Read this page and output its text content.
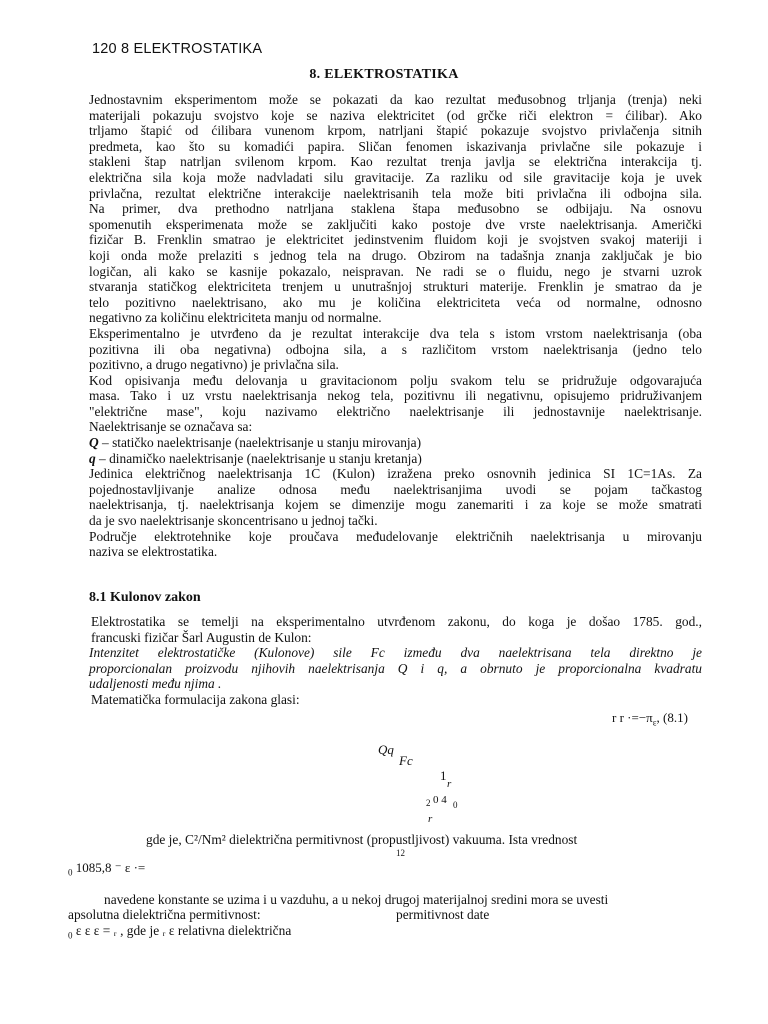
120 8 ELEKTROSTATIKA
8. ELEKTROSTATIKA

Jednostavnim eksperimentom može se pokazati da kao rezultat međusobnog trljanja (trenja) neki

materijali pokazuju svojstvo koje se naziva elektricitet (od grčke riči elektron = ćilibar). Ako

trljamo štapić od ćilibara vunenom krpom, natrljani štapić pokazuje svojstvo privlačenja sitnih

predmeta, kao što su komadići papira. Sličan fenomen iskazivanja privlačne sile pokazuje i

stakleni štap natrljan svilenom krpom. Kao rezultat trenja javlja se električna interakcija tj.

električna sila koja može nadvladati silu gravitacije. Za razliku od sile gravitacije koja je uvek

privlačna, rezultat električne interakcije naelektrisanih tela može biti privlačna ili odbojna sila.

Na primer, dva prethodno natrljana staklena štapa međusobno se odbijaju. Na osnovu

spomenutih eksperimenata može se zaključiti kako postoje dve vrste naelektrisanja. Američki

fizičar B. Frenklin smatrao je elektricitet jedinstvenim fluidom koji je svojstven svakoj materiji i

koji onda može prelaziti s jednog tela na drugo. Obzirom na tadašnja znanja zaključak je bio

logičan, ali kako se kasnije pokazalo, neispravan. Ne radi se o fluidu, nego je stvarni uzrok

stvaranja statičkog elektriciteta trenjem u unutrašnjoj strukturi materije. Frenklin je smatrao da je

telo pozitivno naelektrisano, ako mu je količina elektriciteta veća od normalne, odnosno

negativno za količinu elektriciteta manju od normalne.

Eksperimentalno je utvrđeno da je rezultat interakcije dva tela s istom vrstom naelektrisanja (oba

pozitivna ili oba negativna) odbojna sila, a s različitom vrstom naelektrisanja (jedno telo

pozitivno, a drugo negativno) je privlačna sila.

Kod opisivanja među delovanja u gravitacionom polju svakom telu se pridružuje odgovarajuća

masa. Tako i uz vrstu naelektrisanja nekog tela, pozitivnu ili negativnu, opisujemo pridruživanjem

"električne mase", koju nazivamo električno naelektrisanje ili jednostavnije naelektrisanje.

Naelektrisanje se označava sa:

Q – statičko naelektrisanje (naelektrisanje u stanju mirovanja)

q – dinamičko naelektrisanje (naelektrisanje u stanju kretanja)

Jedinica električnog naelektrisanja 1C (Kulon) izražena preko osnovnih jedinica SI 1C=1As. Za

pojednostavljivanje analize odnosa među naelektrisanjima uvodi se pojam tačkastog

naelektrisanja, tj. naelektrisanja kojem se dimenzije mogu zanemariti i za koje se može smatrati

da je svo naelektrisanje skoncentrisano u jednoj tački.

Područje elektrotehnike koje proučava međudelovanje električnih naelektrisanja u mirovanju

naziva se elektrostatika.

8.1 Kulonov zakon

Elektrostatika se temelji na eksperimentalno utvrđenom zakonu, do koga je došao 1785. god.,

francuski fizičar Šarl Augustin de Kulon:

Intenzitet elektrostatičke (Kulonove) sile Fc između dva naelektrisana tela direktno je

proporcionalan proizvodu njihovih naelektrisanja Q i q, a obrnuto je proporcionalna kvadratu

udaljenosti među njima .

Matematička formulacija zakona glasi:

r $r \cdot=-\pi_\varepsilon$, (8.1)
Qq
Fc
1
r
2 0 4 0
r
gde je, C²/Nm² dielektrična permitivnost (propustljivost) vakuuma. Ista vrednost
12
$_0$ 1085,8 ⁻ ε ·=
navedene konstante se uzima i u vazduhu, a u nekoj drugoj materijalnoj sredini mora se uvesti
apsolutna dielektrična permitivnost:	permitivnost date
$_0$ ε ε ε = ᵣ , gde je ᵣ ε relativna dielektrična
